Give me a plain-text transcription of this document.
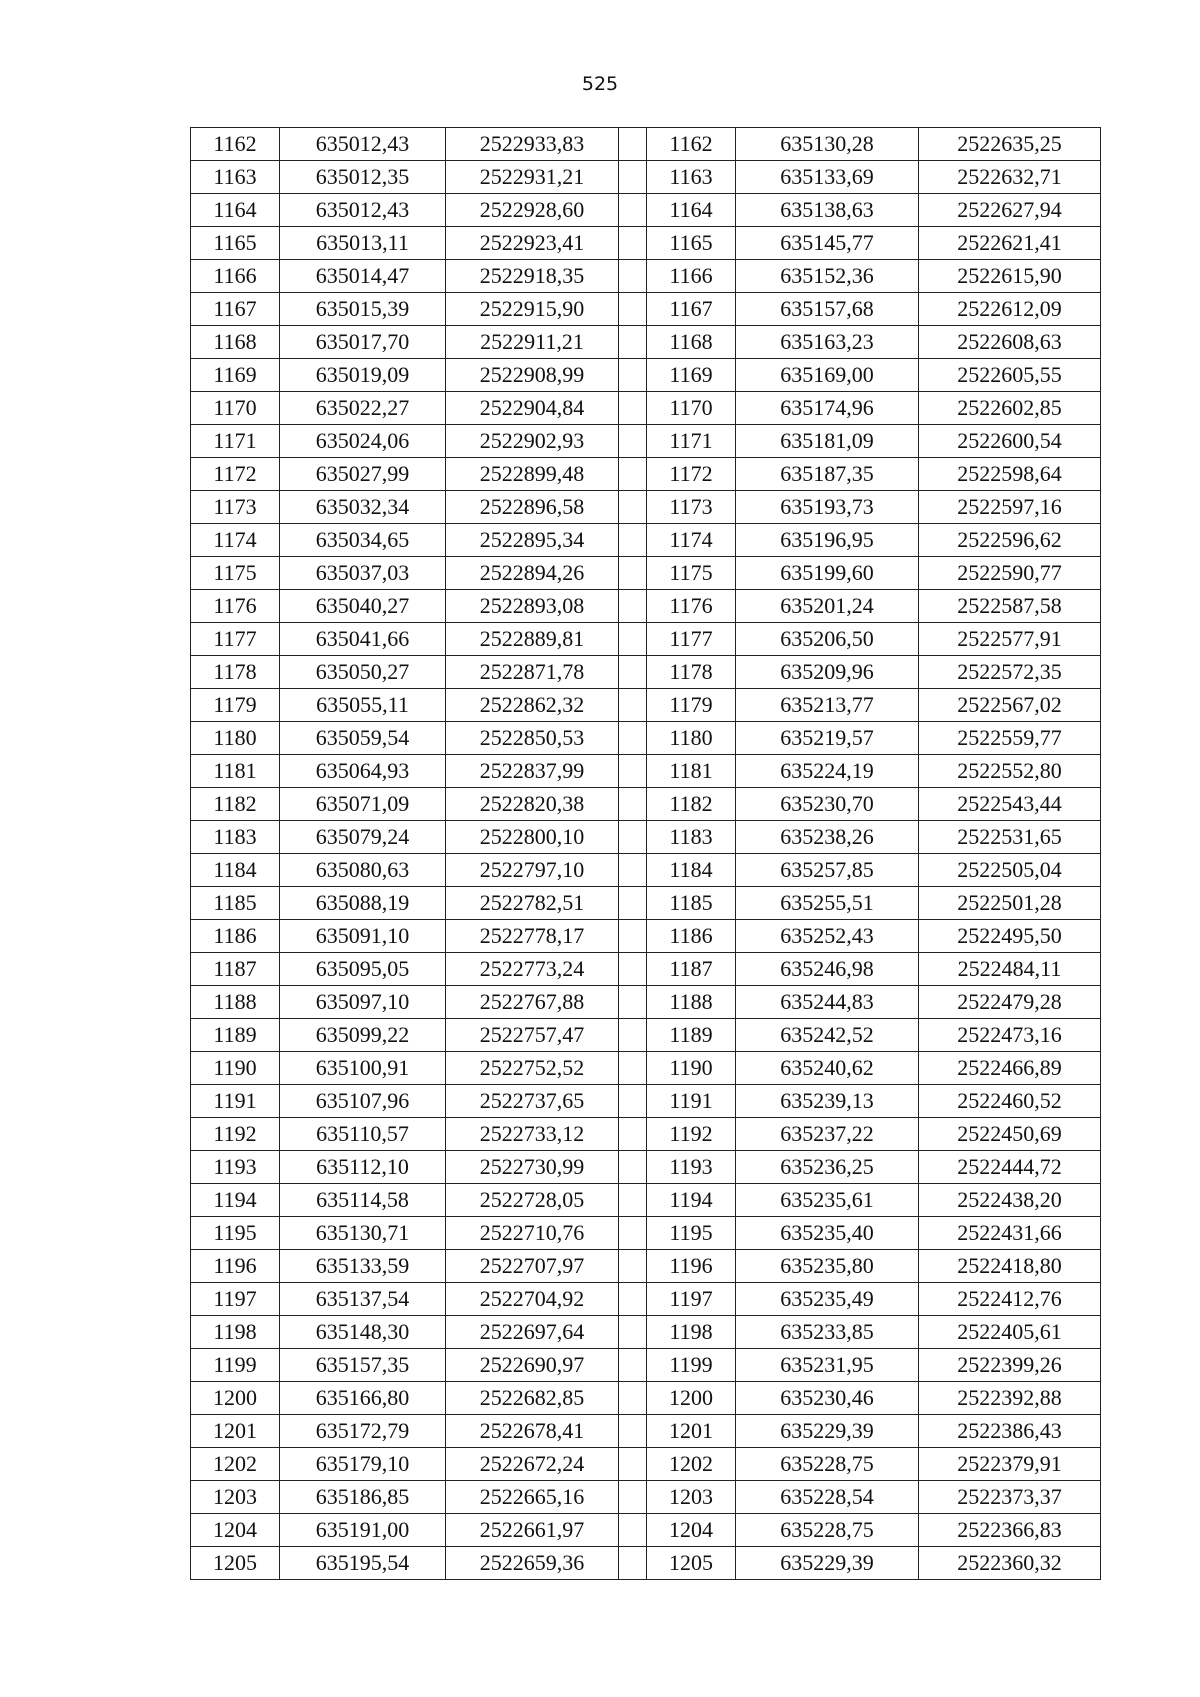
525
1162	635012,43	2522933,83		1162	635130,28	2522635,25
1163	635012,35	2522931,21		1163	635133,69	2522632,71
1164	635012,43	2522928,60		1164	635138,63	2522627,94
1165	635013,11	2522923,41		1165	635145,77	2522621,41
1166	635014,47	2522918,35		1166	635152,36	2522615,90
1167	635015,39	2522915,90		1167	635157,68	2522612,09
1168	635017,70	2522911,21		1168	635163,23	2522608,63
1169	635019,09	2522908,99		1169	635169,00	2522605,55
1170	635022,27	2522904,84		1170	635174,96	2522602,85
1171	635024,06	2522902,93		1171	635181,09	2522600,54
1172	635027,99	2522899,48		1172	635187,35	2522598,64
1173	635032,34	2522896,58		1173	635193,73	2522597,16
1174	635034,65	2522895,34		1174	635196,95	2522596,62
1175	635037,03	2522894,26		1175	635199,60	2522590,77
1176	635040,27	2522893,08		1176	635201,24	2522587,58
1177	635041,66	2522889,81		1177	635206,50	2522577,91
1178	635050,27	2522871,78		1178	635209,96	2522572,35
1179	635055,11	2522862,32		1179	635213,77	2522567,02
1180	635059,54	2522850,53		1180	635219,57	2522559,77
1181	635064,93	2522837,99		1181	635224,19	2522552,80
1182	635071,09	2522820,38		1182	635230,70	2522543,44
1183	635079,24	2522800,10		1183	635238,26	2522531,65
1184	635080,63	2522797,10		1184	635257,85	2522505,04
1185	635088,19	2522782,51		1185	635255,51	2522501,28
1186	635091,10	2522778,17		1186	635252,43	2522495,50
1187	635095,05	2522773,24		1187	635246,98	2522484,11
1188	635097,10	2522767,88		1188	635244,83	2522479,28
1189	635099,22	2522757,47		1189	635242,52	2522473,16
1190	635100,91	2522752,52		1190	635240,62	2522466,89
1191	635107,96	2522737,65		1191	635239,13	2522460,52
1192	635110,57	2522733,12		1192	635237,22	2522450,69
1193	635112,10	2522730,99		1193	635236,25	2522444,72
1194	635114,58	2522728,05		1194	635235,61	2522438,20
1195	635130,71	2522710,76		1195	635235,40	2522431,66
1196	635133,59	2522707,97		1196	635235,80	2522418,80
1197	635137,54	2522704,92		1197	635235,49	2522412,76
1198	635148,30	2522697,64		1198	635233,85	2522405,61
1199	635157,35	2522690,97		1199	635231,95	2522399,26
1200	635166,80	2522682,85		1200	635230,46	2522392,88
1201	635172,79	2522678,41		1201	635229,39	2522386,43
1202	635179,10	2522672,24		1202	635228,75	2522379,91
1203	635186,85	2522665,16		1203	635228,54	2522373,37
1204	635191,00	2522661,97		1204	635228,75	2522366,83
1205	635195,54	2522659,36		1205	635229,39	2522360,32
